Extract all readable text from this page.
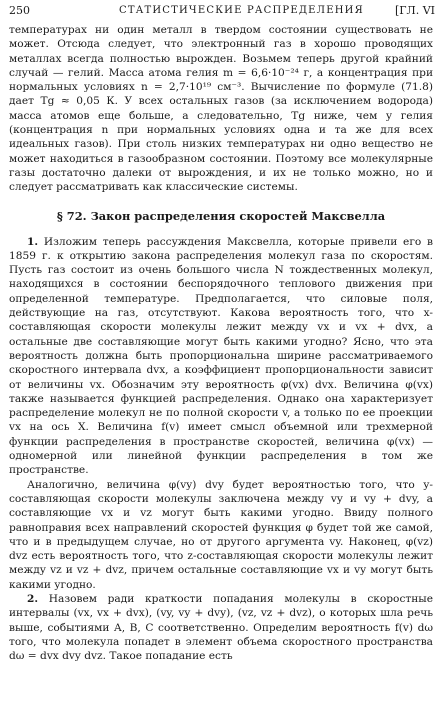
250	СТАТИСТИЧЕСКИЕ РАСПРЕДЕЛЕНИЯ	[ГЛ. VI

температурах ни один металл в твердом состоянии существовать не может. Отсюда следует, что электронный газ в хорошо проводящих металлах всегда полностью вырожден. Возьмем теперь другой крайний случай — гелий. Масса атома гелия m = 6,6·10⁻²⁴ г, а концентрация при нормальных условиях n = 2,7·10¹⁹ см⁻³. Вычисление по формуле (71.8) дает Tg ≈ 0,05 К. У всех остальных газов (за исключением водорода) масса атомов еще больше, а следовательно, Tg ниже, чем у гелия (концентрация n при нормальных условиях одна и та же для всех идеальных газов). При столь низких температурах ни одно вещество не может находиться в газообразном состоянии. Поэтому все молекулярные газы достаточно далеки от вырождения, и их не только можно, но и следует рассматривать как классические системы.

§ 72. Закон распределения скоростей Максвелла

1. Изложим теперь рассуждения Максвелла, которые привели его в 1859 г. к открытию закона распределения молекул газа по скоростям. Пусть газ состоит из очень большого числа N тождественных молекул, находящихся в состоянии беспорядочного теплового движения при определенной температуре. Предполагается, что силовые поля, действующие на газ, отсутствуют. Какова вероятность того, что x-составляющая скорости молекулы лежит между vx и vx + dvx, а остальные две составляющие могут быть какими угодно? Ясно, что эта вероятность должна быть пропорциональна ширине рассматриваемого скоростного интервала dvx, а коэффициент пропорциональности зависит от величины vx. Обозначим эту вероятность φ(vx) dvx. Величина φ(vx) также называется функцией распределения. Однако она характеризует распределение молекул не по полной скорости v, а только по ее проекции vx на ось X. Величина f(v) имеет смысл объемной или трехмерной функции распределения в пространстве скоростей, величина φ(vx) — одномерной или линейной функции распределения в том же пространстве.

Аналогично, величина φ(vy) dvy будет вероятностью того, что y-составляющая скорости молекулы заключена между vy и vy + dvy, а составляющие vx и vz могут быть какими угодно. Ввиду полного равноправия всех направлений скоростей функция φ будет той же самой, что и в предыдущем случае, но от другого аргумента vy. Наконец, φ(vz) dvz есть вероятность того, что z-составляющая скорости молекулы лежит между vz и vz + dvz, причем остальные составляющие vx и vy могут быть какими угодно.

2. Назовем ради краткости попадания молекулы в скоростные интервалы (vx, vx + dvx), (vy, vy + dvy), (vz, vz + dvz), о которых шла речь выше, событиями A, B, C соответственно. Определим вероятность f(v) dω того, что молекула попадет в элемент объема скоростного пространства dω = dvx dvy dvz. Такое попадание есть
